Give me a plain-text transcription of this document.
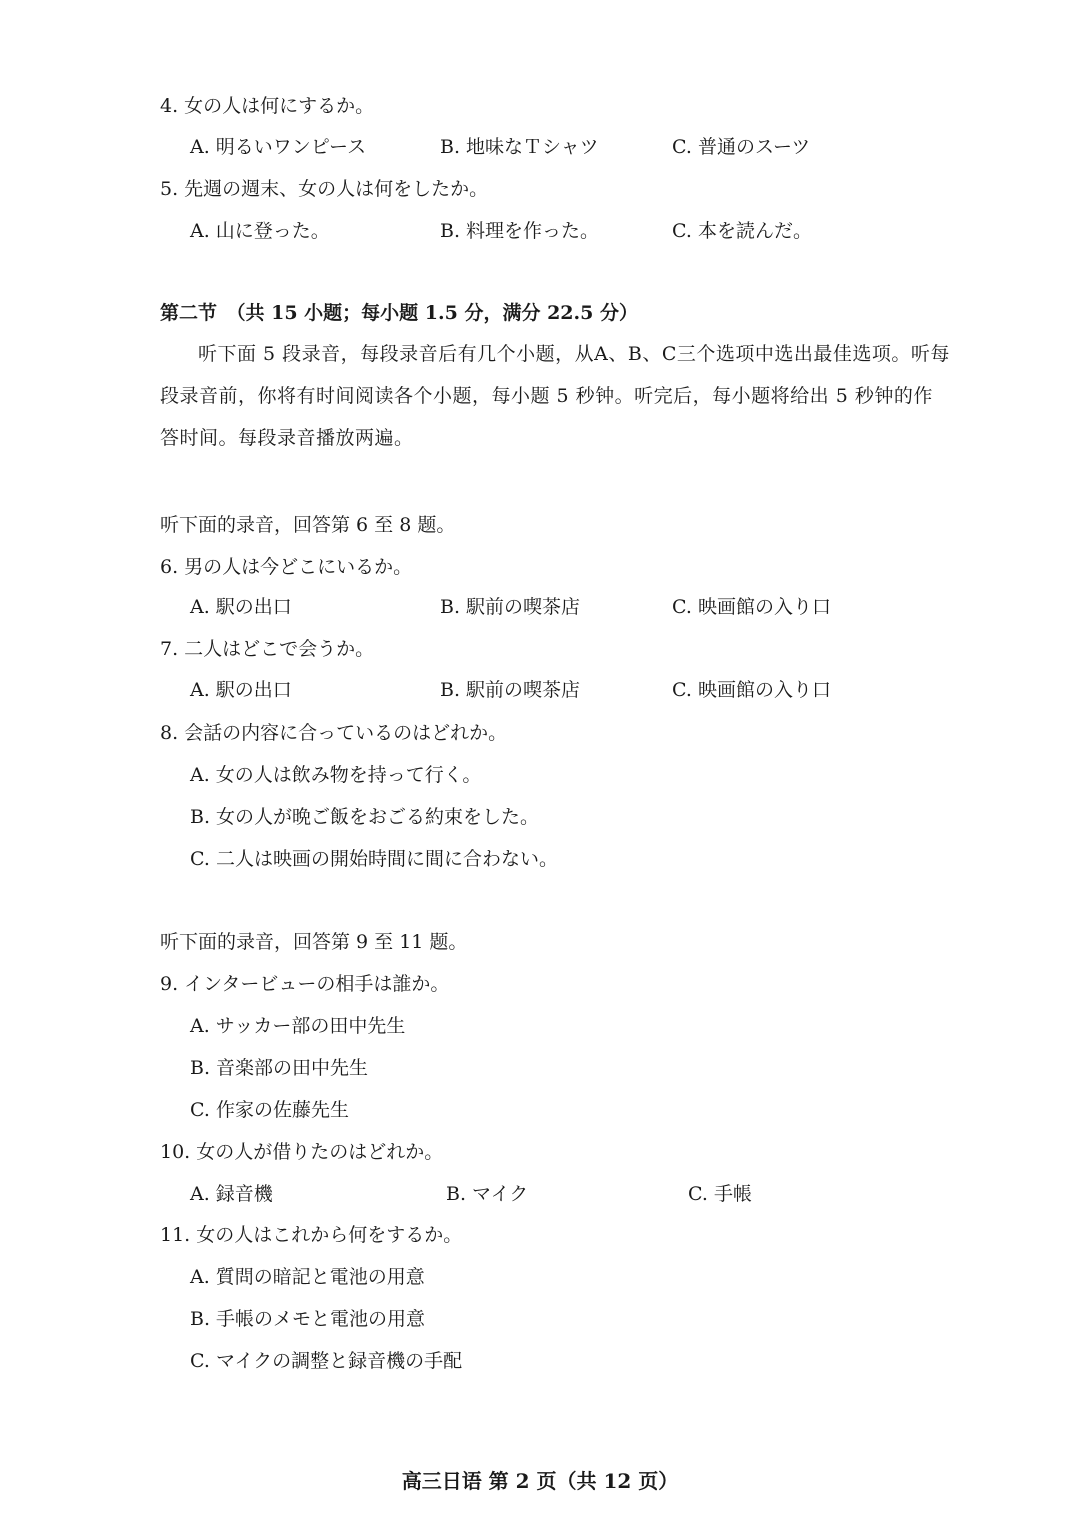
4. 女の人は何にするか。
A. 明るいワンピース	B. 地味なＴシャツ	C. 普通のスーツ
5. 先週の週末、女の人は何をしたか。
A. 山に登った。	B. 料理を作った。	C. 本を読んだ。
第二节　（共 15 小题；每小题 1.5 分，满分 22.5 分）
听下面 5 段录音，每段录音后有几个小题，从A、B、C三个选项中选出最佳选项。听每段录音前，你将有时间阅读各个小题，每小题 5 秒钟。听完后，每小题将给出 5 秒钟的作答时间。每段录音播放两遍。
听下面的录音，回答第 6 至 8 题。
6. 男の人は今どこにいるか。
A. 駅の出口	B. 駅前の喫茶店	C. 映画館の入り口
7. 二人はどこで会うか。
A. 駅の出口	B. 駅前の喫茶店	C. 映画館の入り口
8. 会話の内容に合っているのはどれか。
A. 女の人は飲み物を持って行く。
B. 女の人が晩ご飯をおごる約束をした。
C. 二人は映画の開始時間に間に合わない。
听下面的录音，回答第 9 至 11 题。
9. インタービューの相手は誰か。
A. サッカー部の田中先生
B. 音楽部の田中先生
C. 作家の佐藤先生
10. 女の人が借りたのはどれか。
A. 録音機	B. マイク	C. 手帳
11. 女の人はこれから何をするか。
A. 質問の暗記と電池の用意
B. 手帳のメモと電池の用意
C. マイクの調整と録音機の手配
高三日语 第 2 页（共 12 页）
